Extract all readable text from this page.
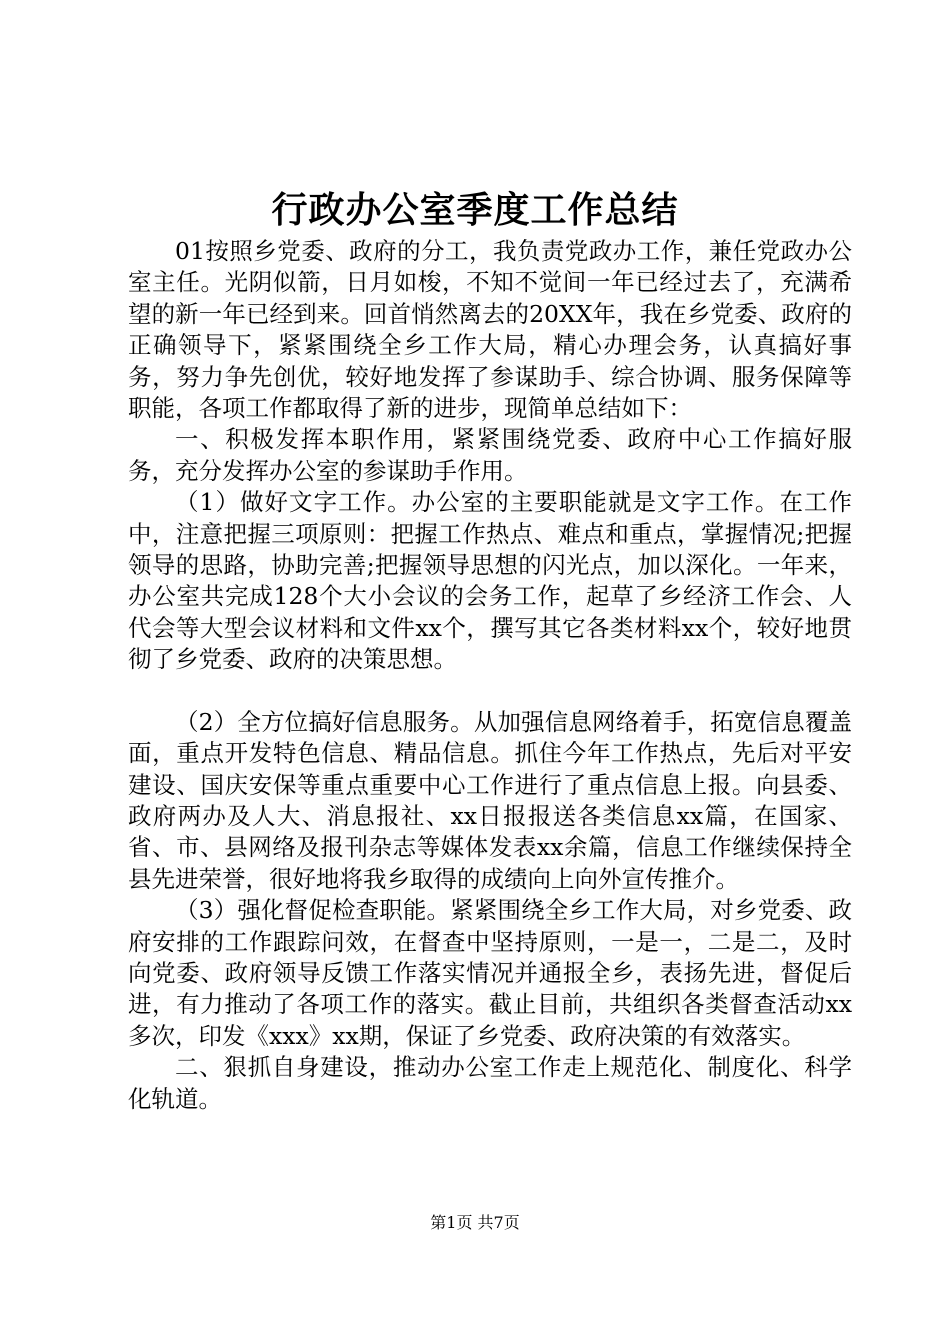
行政办公室季度工作总结

01按照乡党委、政府的分工，我负责党政办工作，兼任党政办公室主任。光阴似箭，日月如梭，不知不觉间一年已经过去了，充满希望的新一年已经到来。回首悄然离去的20XX年，我在乡党委、政府的正确领导下，紧紧围绕全乡工作大局，精心办理会务，认真搞好事务，努力争先创优，较好地发挥了参谋助手、综合协调、服务保障等职能，各项工作都取得了新的进步，现简单总结如下：

一、积极发挥本职作用，紧紧围绕党委、政府中心工作搞好服务，充分发挥办公室的参谋助手作用。

（1）做好文字工作。办公室的主要职能就是文字工作。在工作中，注意把握三项原则：把握工作热点、难点和重点，掌握情况;把握领导的思路，协助完善;把握领导思想的闪光点，加以深化。一年来，办公室共完成128个大小会议的会务工作，起草了乡经济工作会、人代会等大型会议材料和文件xx个，撰写其它各类材料xx个，较好地贯彻了乡党委、政府的决策思想。

（2）全方位搞好信息服务。从加强信息网络着手，拓宽信息覆盖面，重点开发特色信息、精品信息。抓住今年工作热点，先后对平安建设、国庆安保等重点重要中心工作进行了重点信息上报。向县委、政府两办及人大、消息报社、xx日报报送各类信息xx篇，在国家、省、市、县网络及报刊杂志等媒体发表xx余篇，信息工作继续保持全县先进荣誉，很好地将我乡取得的成绩向上向外宣传推介。

（3）强化督促检查职能。紧紧围绕全乡工作大局，对乡党委、政府安排的工作跟踪问效，在督查中坚持原则，一是一，二是二，及时向党委、政府领导反馈工作落实情况并通报全乡，表扬先进，督促后进，有力推动了各项工作的落实。截止目前，共组织各类督查活动xx多次，印发《xxx》xx期，保证了乡党委、政府决策的有效落实。

二、狠抓自身建设，推动办公室工作走上规范化、制度化、科学化轨道。

第1页 共7页
